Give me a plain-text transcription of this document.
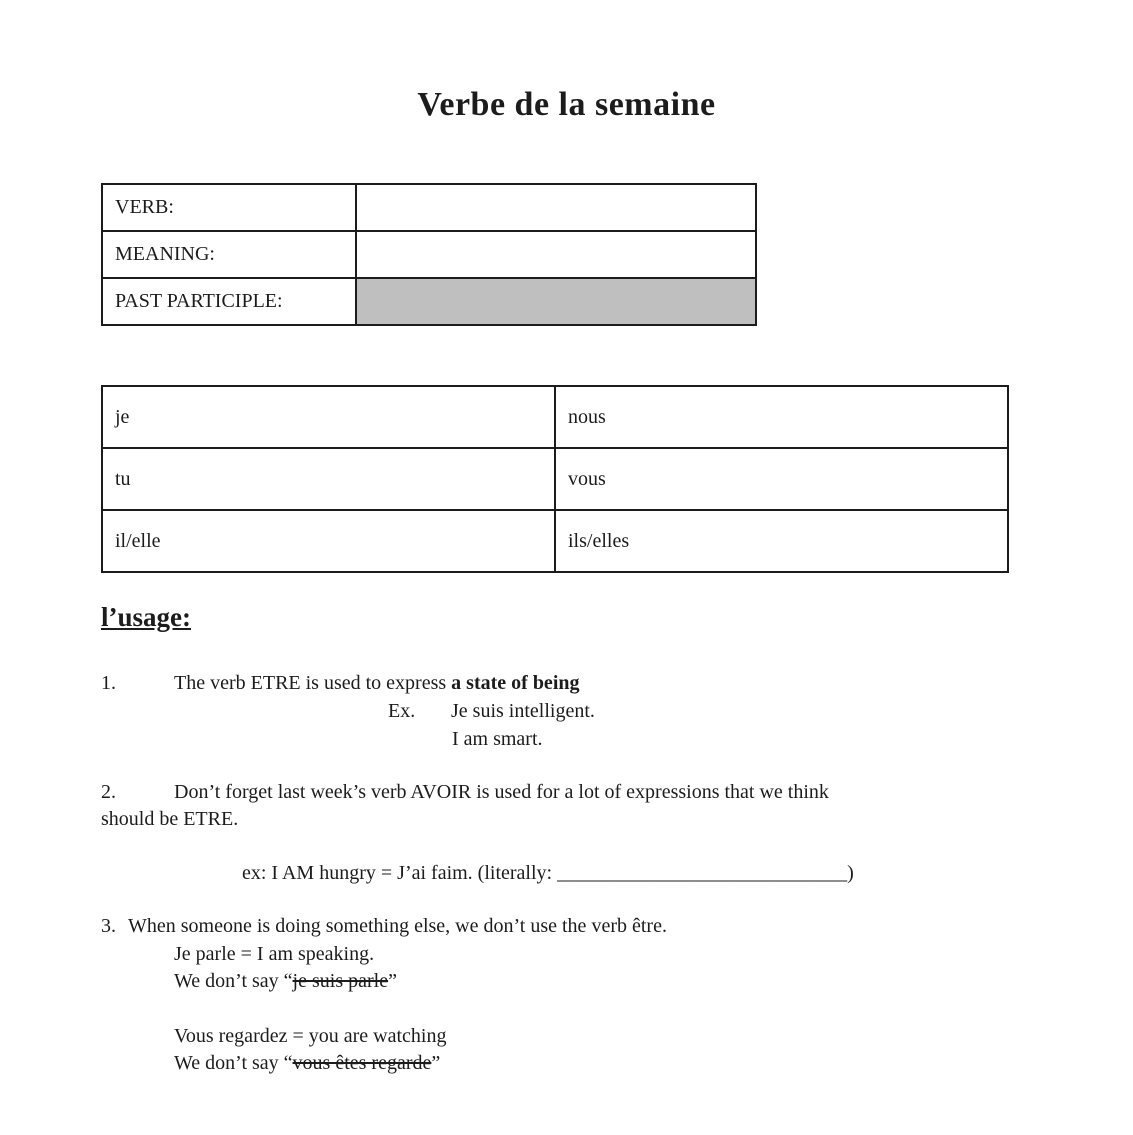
Verbe de la semaine
VERB:	
MEANING:	
PAST PARTICIPLE:	
je	nous
tu	vous
il/elle	ils/elles
l’usage:
1.	The verb ETRE is used to express a state of being
Ex. Je suis intelligent.
I am smart.
2.	Don’t forget last week’s verb AVOIR is used for a lot of expressions that we think
should be ETRE.
ex: I AM hungry = J’ai faim. (literally: _____________________________)
3. When someone is doing something else, we don’t use the verb être.
Je parle = I am speaking.
We don’t say “je suis parle”
Vous regardez = you are watching
We don’t say “vous êtes regarde”
